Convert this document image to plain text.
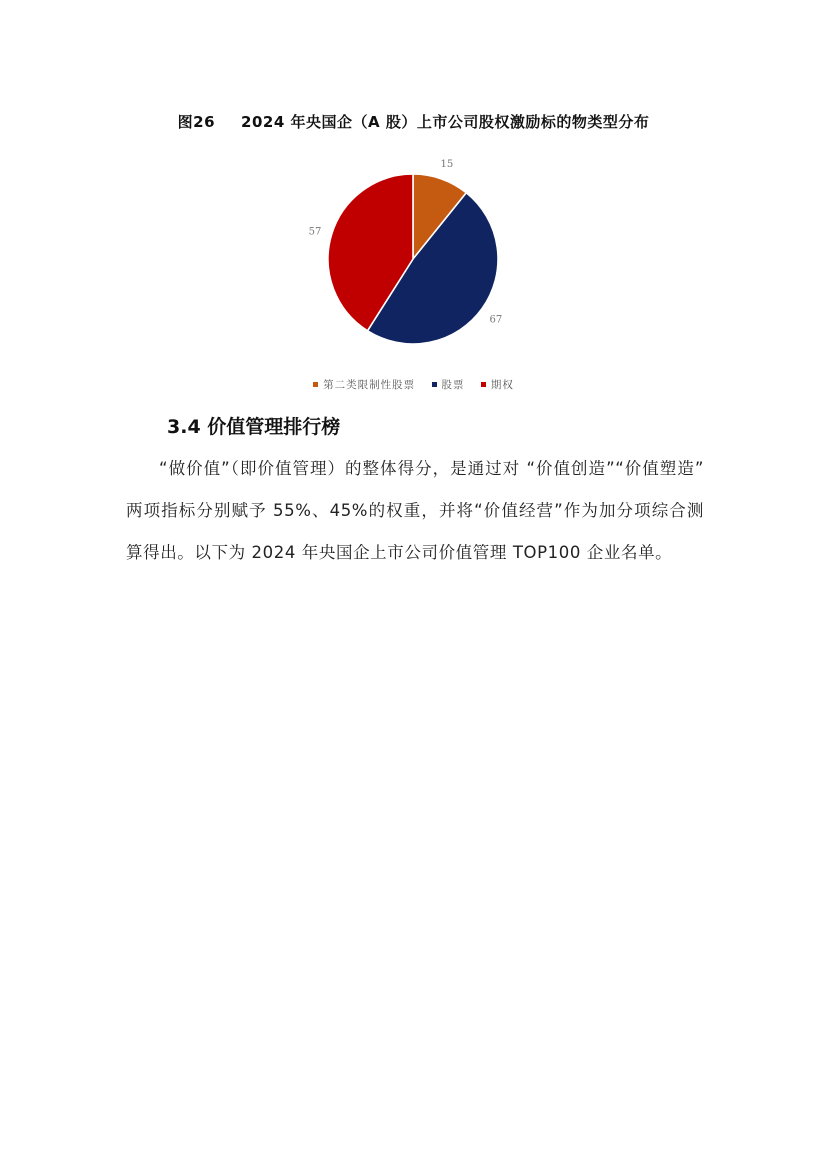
图26 2024 年央国企（A 股）上市公司股权激励标的物类型分布
15
67
57
第二类限制性股票	股票	期权
3.4 价值管理排行榜
“做价值”（即价值管理）的整体得分，是通过对 “价值创造”“价值塑造” 两项指标分别赋予 55%、45%的权重，并将“价值经营”作为加分项综合测算得出。以下为 2024 年央国企上市公司价值管理 TOP100 企业名单。
